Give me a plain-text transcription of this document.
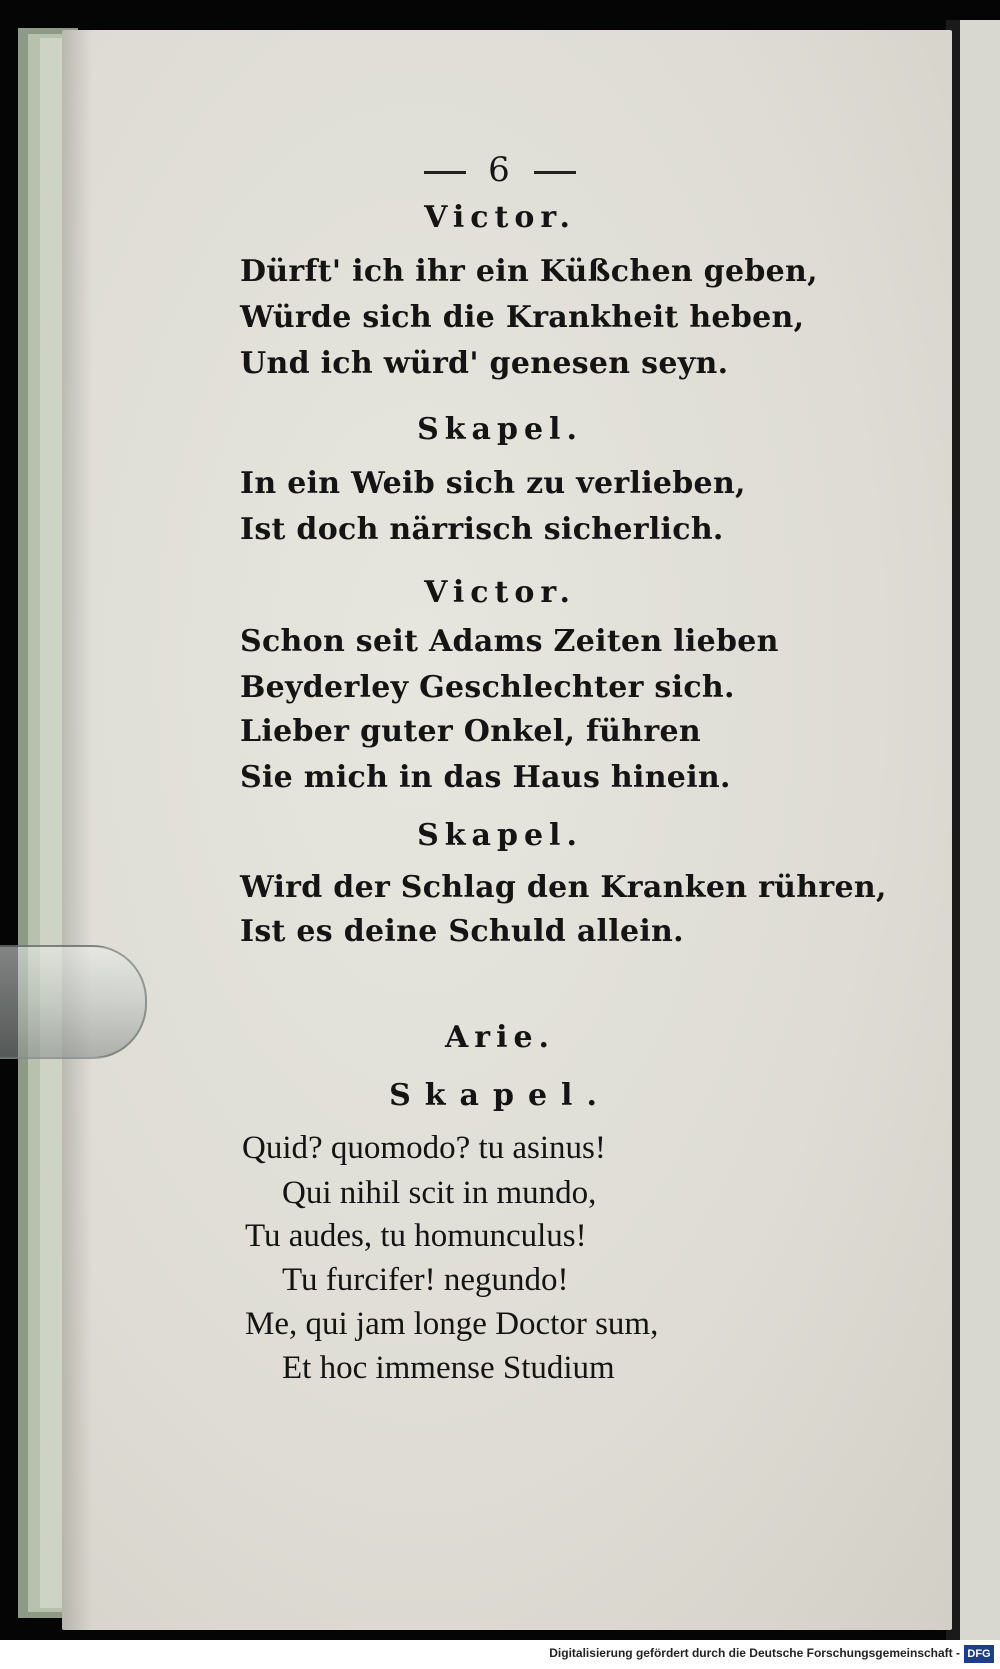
6
Victor.
Dürft' ich ihr ein Küßchen geben,
Würde sich die Krankheit heben,
Und ich würd' genesen seyn.
Skapel.
In ein Weib sich zu verlieben,
Ist doch närrisch sicherlich.
Victor.
Schon seit Adams Zeiten lieben
Beyderley Geschlechter sich.
Lieber guter Onkel, führen
Sie mich in das Haus hinein.
Skapel.
Wird der Schlag den Kranken rühren,
Ist es deine Schuld allein.
Arie.
Skapel.
Quid? quomodo? tu asinus!
Qui nihil scit in mundo,
Tu audes, tu homunculus!
Tu furcifer! negundo!
Me, qui jam longe Doctor sum,
Et hoc immense Studium
Digitalisierung gefördert durch die Deutsche Forschungsgemeinschaft - DFG
